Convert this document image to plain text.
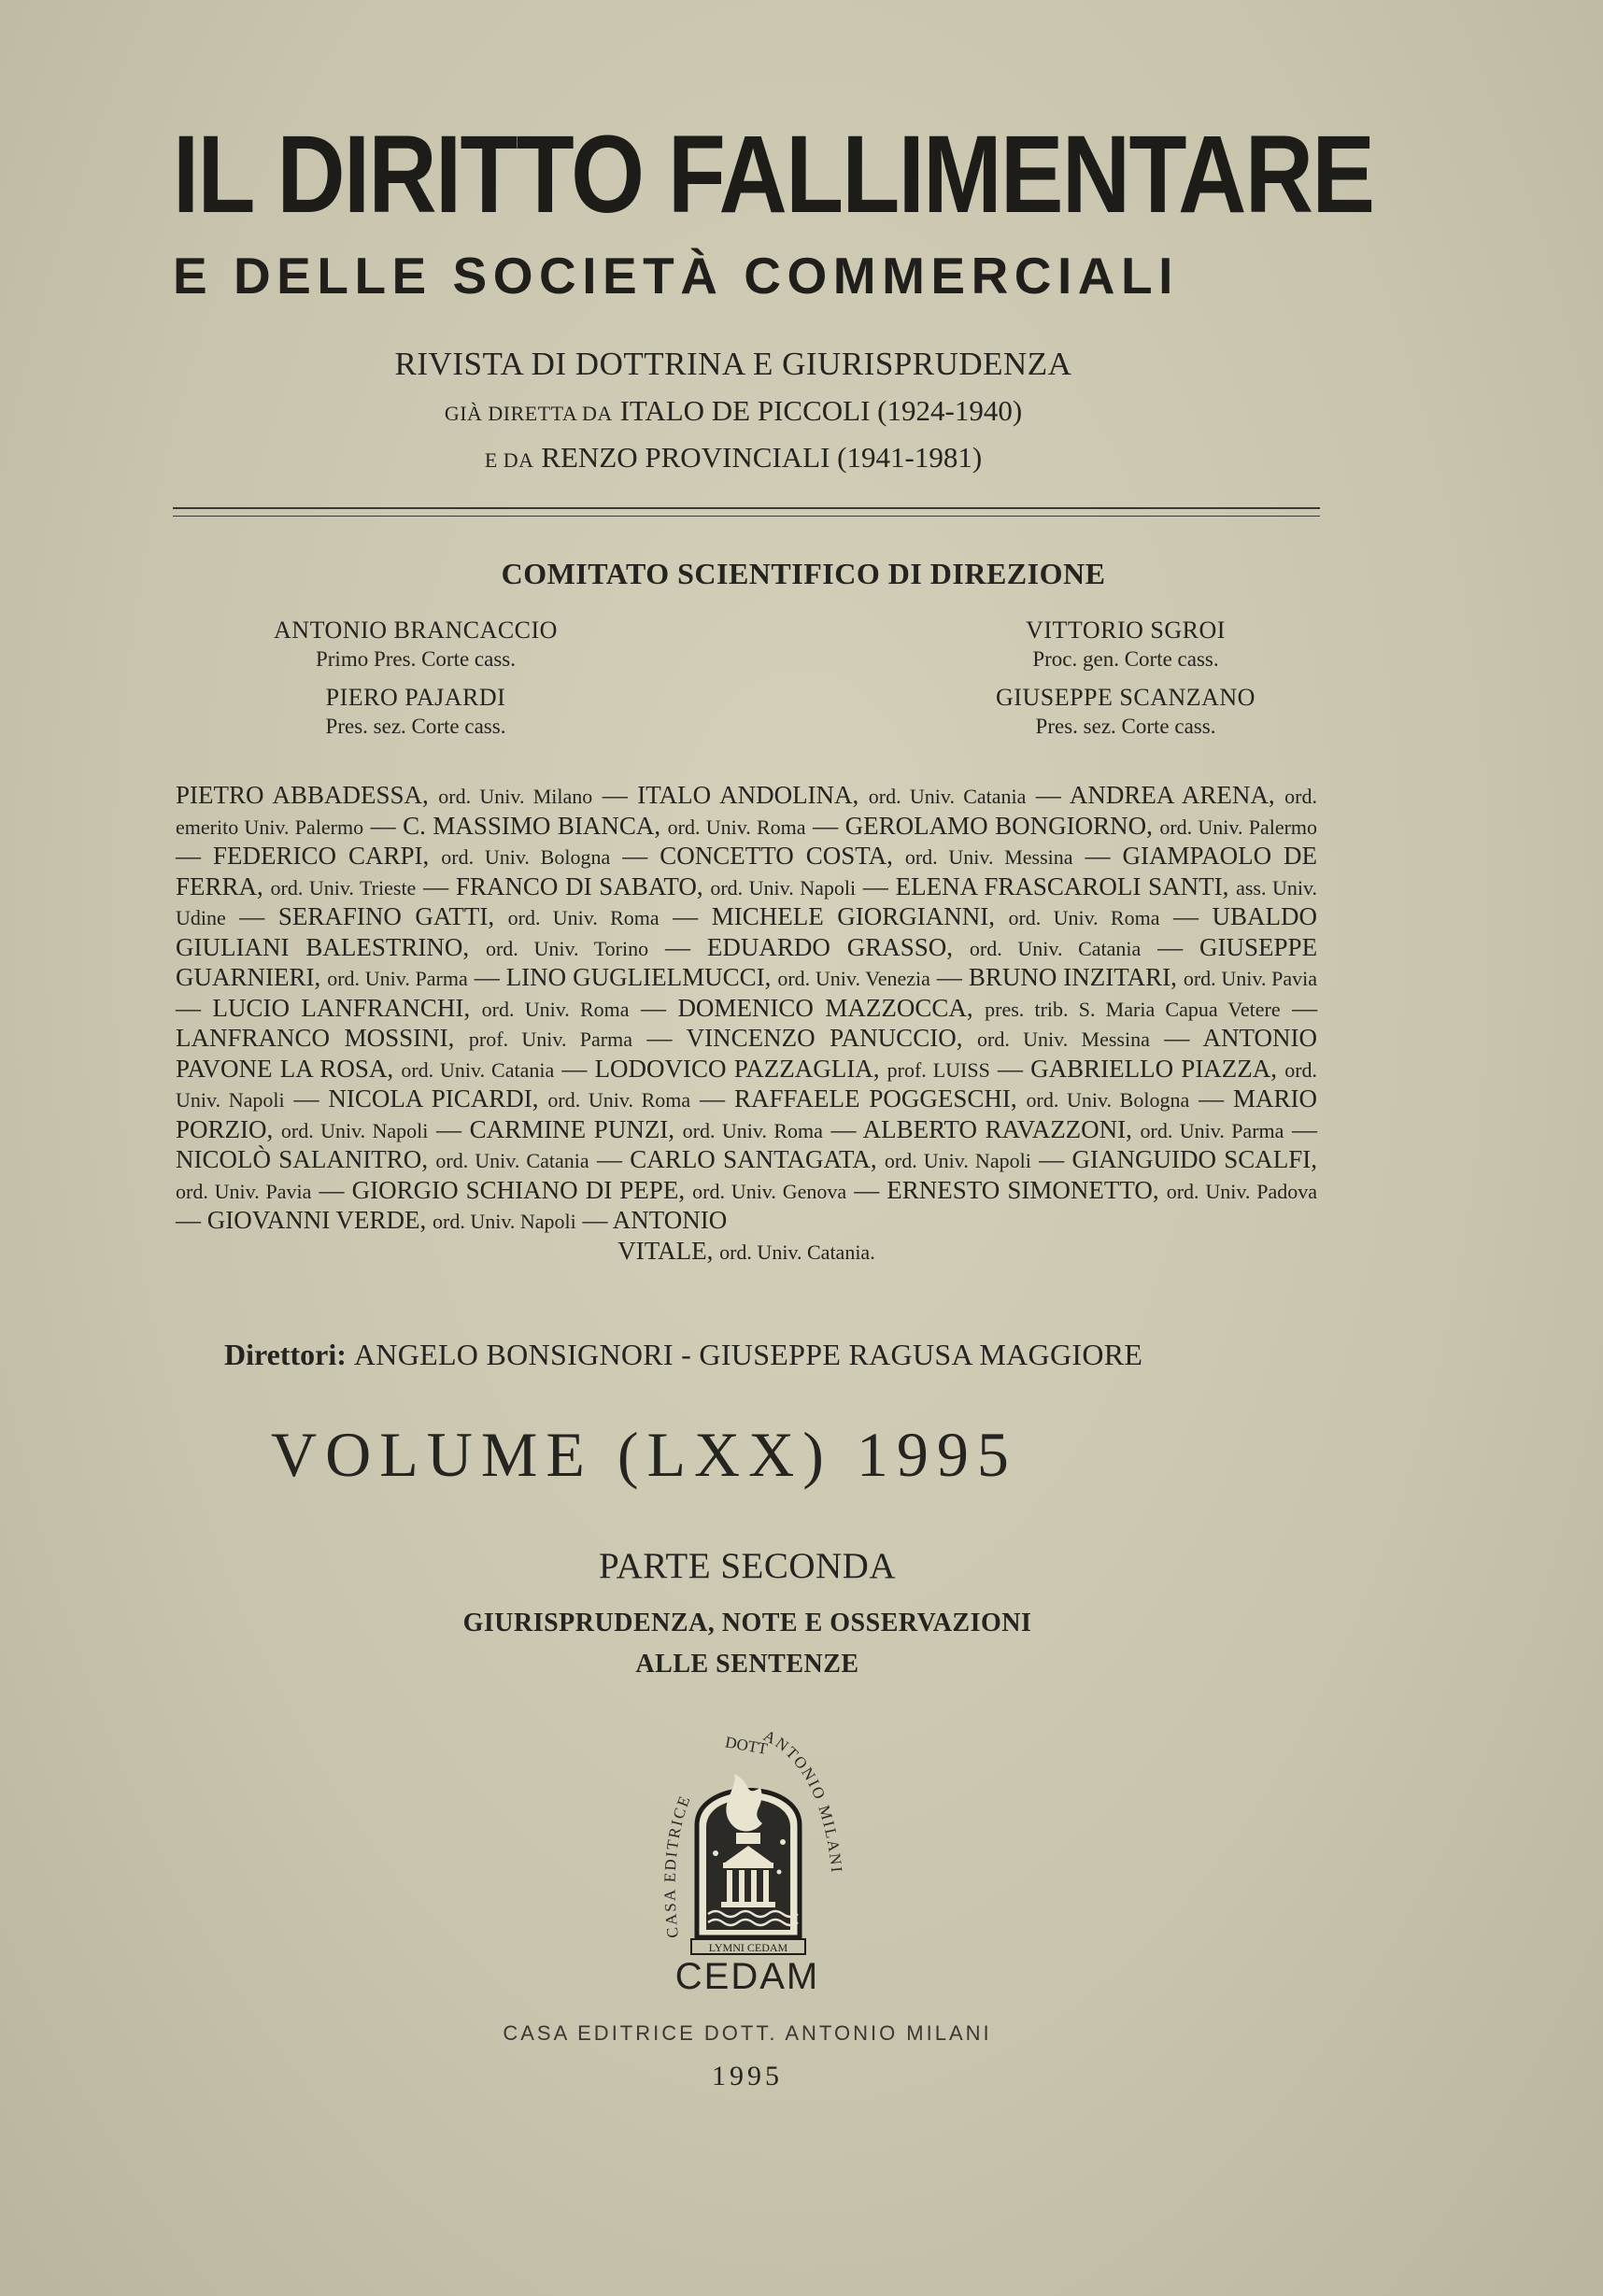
IL DIRITTO FALLIMENTARE
E DELLE SOCIETÀ COMMERCIALI
RIVISTA DI DOTTRINA E GIURISPRUDENZA
GIÀ DIRETTA DA ITALO DE PICCOLI (1924-1940)
E DA RENZO PROVINCIALI (1941-1981)
COMITATO SCIENTIFICO DI DIREZIONE
ANTONIO BRANCACCIO
Primo Pres. Corte cass.
PIERO PAJARDI
Pres. sez. Corte cass.
VITTORIO SGROI
Proc. gen. Corte cass.
GIUSEPPE SCANZANO
Pres. sez. Corte cass.
PIETRO ABBADESSA, ord. Univ. Milano — ITALO ANDOLINA, ord. Univ. Catania — ANDREA ARENA, ord. emerito Univ. Palermo — C. MASSIMO BIANCA, ord. Univ. Roma — GEROLAMO BONGIORNO, ord. Univ. Palermo — FEDERICO CARPI, ord. Univ. Bologna — CONCETTO COSTA, ord. Univ. Messina — GIAMPAOLO DE FERRA, ord. Univ. Trieste — FRANCO DI SABATO, ord. Univ. Napoli — ELENA FRASCAROLI SANTI, ass. Univ. Udine — SERAFINO GATTI, ord. Univ. Roma — MICHELE GIORGIANNI, ord. Univ. Roma — UBALDO GIULIANI BALESTRINO, ord. Univ. Torino — EDUARDO GRASSO, ord. Univ. Catania — GIUSEPPE GUARNIERI, ord. Univ. Parma — LINO GUGLIELMUCCI, ord. Univ. Venezia — BRUNO INZITARI, ord. Univ. Pavia — LUCIO LANFRANCHI, ord. Univ. Roma — DOMENICO MAZZOCCA, pres. trib. S. Maria Capua Vetere — LANFRANCO MOSSINI, prof. Univ. Parma — VINCENZO PANUCCIO, ord. Univ. Messina — ANTONIO PAVONE LA ROSA, ord. Univ. Catania — LODOVICO PAZZAGLIA, prof. LUISS — GABRIELLO PIAZZA, ord. Univ. Napoli — NICOLA PICARDI, ord. Univ. Roma — RAFFAELE POGGESCHI, ord. Univ. Bologna — MARIO PORZIO, ord. Univ. Napoli — CARMINE PUNZI, ord. Univ. Roma — ALBERTO RAVAZZONI, ord. Univ. Parma — NICOLÒ SALANITRO, ord. Univ. Catania — CARLO SANTAGATA, ord. Univ. Napoli — GIANGUIDO SCALFI, ord. Univ. Pavia — GIORGIO SCHIANO DI PEPE, ord. Univ. Genova — ERNESTO SIMONETTO, ord. Univ. Padova — GIOVANNI VERDE, ord. Univ. Napoli — ANTONIO
VITALE, ord. Univ. Catania.
Direttori: ANGELO BONSIGNORI - GIUSEPPE RAGUSA MAGGIORE
VOLUME (LXX) 1995
PARTE SECONDA
GIURISPRUDENZA, NOTE E OSSERVAZIONI
ALLE SENTENZE
CASA EDITRICE
DOTT
ANTONIO MILANI
LYMNI CEDAM
CEDAM
CASA EDITRICE DOTT. ANTONIO MILANI
1995
